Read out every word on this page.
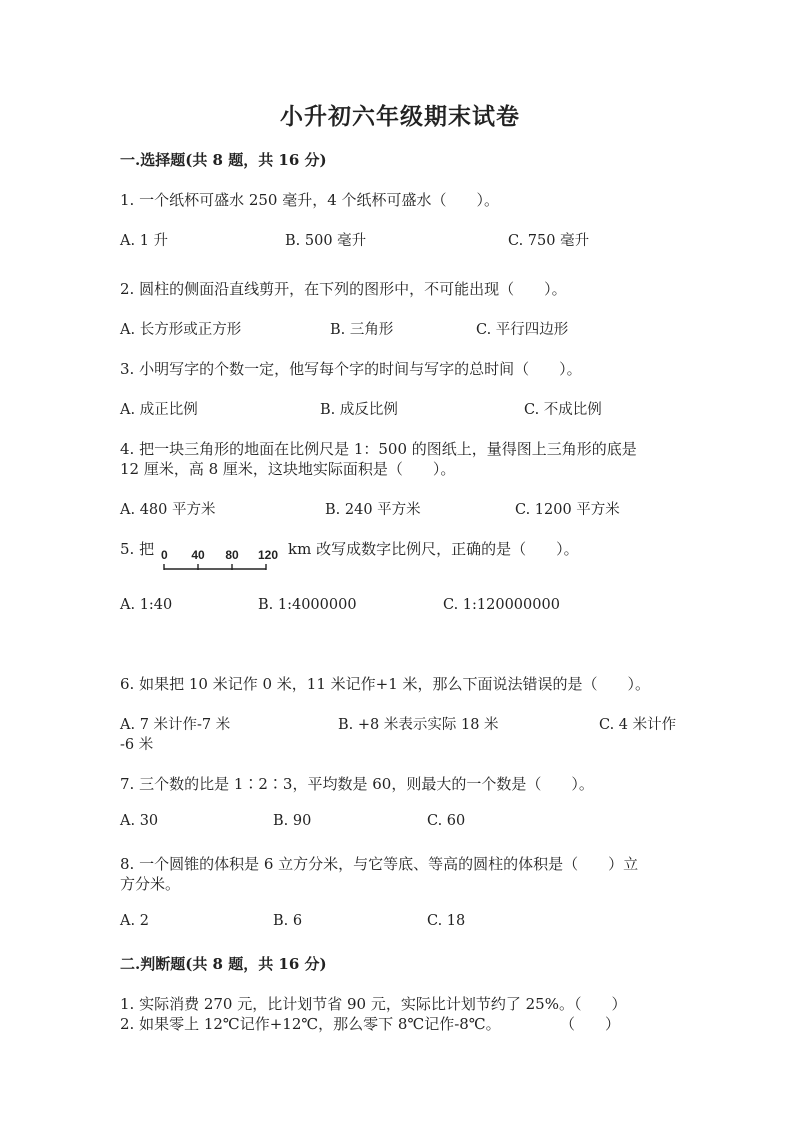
小升初六年级期末试卷
一.选择题(共 8 题，共 16 分)
1. 一个纸杯可盛水 250 毫升，4 个纸杯可盛水（　　）。
A. 1 升	B. 500 毫升	C. 750 毫升
2. 圆柱的侧面沿直线剪开，在下列的图形中，不可能出现（　　）。
A. 长方形或正方形	B. 三角形	C. 平行四边形
3. 小明写字的个数一定，他写每个字的时间与写字的总时间（　　）。
A. 成正比例	B. 成反比例	C. 不成比例
4. 把一块三角形的地面在比例尺是 1：500 的图纸上，量得图上三角形的底是
12 厘米，高 8 厘米，这块地实际面积是（　　）。
A. 480 平方米	B. 240 平方米	C. 1200 平方米
5. 把 0 40 80 120 km 改写成数字比例尺，正确的是（　　）。
A. 1:40	B. 1:4000000	C. 1:120000000
6. 如果把 10 米记作 0 米，11 米记作+1 米，那么下面说法错误的是（　　）。
A. 7 米计作-7 米	B. +8 米表示实际 18 米	C. 4 米计作
-6 米
7. 三个数的比是 1∶2∶3，平均数是 60，则最大的一个数是（　　）。
A. 30	B. 90	C. 60
8. 一个圆锥的体积是 6 立方分米，与它等底、等高的圆柱的体积是（　　）立
方分米。
A. 2	B. 6	C. 18
二.判断题(共 8 题，共 16 分)
1. 实际消费 270 元，比计划节省 90 元，实际比计划节约了 25%。（　　）
2. 如果零上 12℃记作+12℃，那么零下 8℃记作-8℃。	（　　）
